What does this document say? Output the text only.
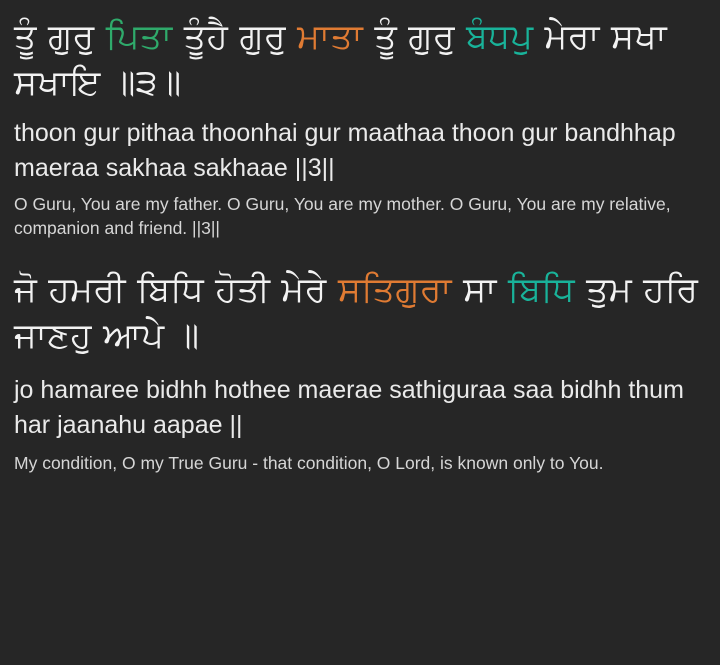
ਤੂੰ ਗੁਰੁ ਪਿਤਾ ਤੂੰਹੈ ਗੁਰੁ ਮਾਤਾ ਤੂੰ ਗੁਰੁ ਬੰਧਪੁ ਮੇਰਾ ਸਖਾ ਸਖਾਇ ॥੩॥

thoon gur pithaa thoonhai gur maathaa thoon gur bandhhap maeraa sakhaa sakhaae ||3||

O Guru, You are my father. O Guru, You are my mother. O Guru, You are my relative, companion and friend. ||3||

ਜੋ ਹਮਰੀ ਬਿਧਿ ਹੋਤੀ ਮੇਰੇ ਸਤਿਗੁਰਾ ਸਾ ਬਿਧਿ ਤੁਮ ਹਰਿ ਜਾਣਹੁ ਆਪੇ ॥

jo hamaree bidhh hothee maerae sathiguraa saa bidhh thum har jaanahu aapae ||

My condition, O my True Guru - that condition, O Lord, is known only to You.
